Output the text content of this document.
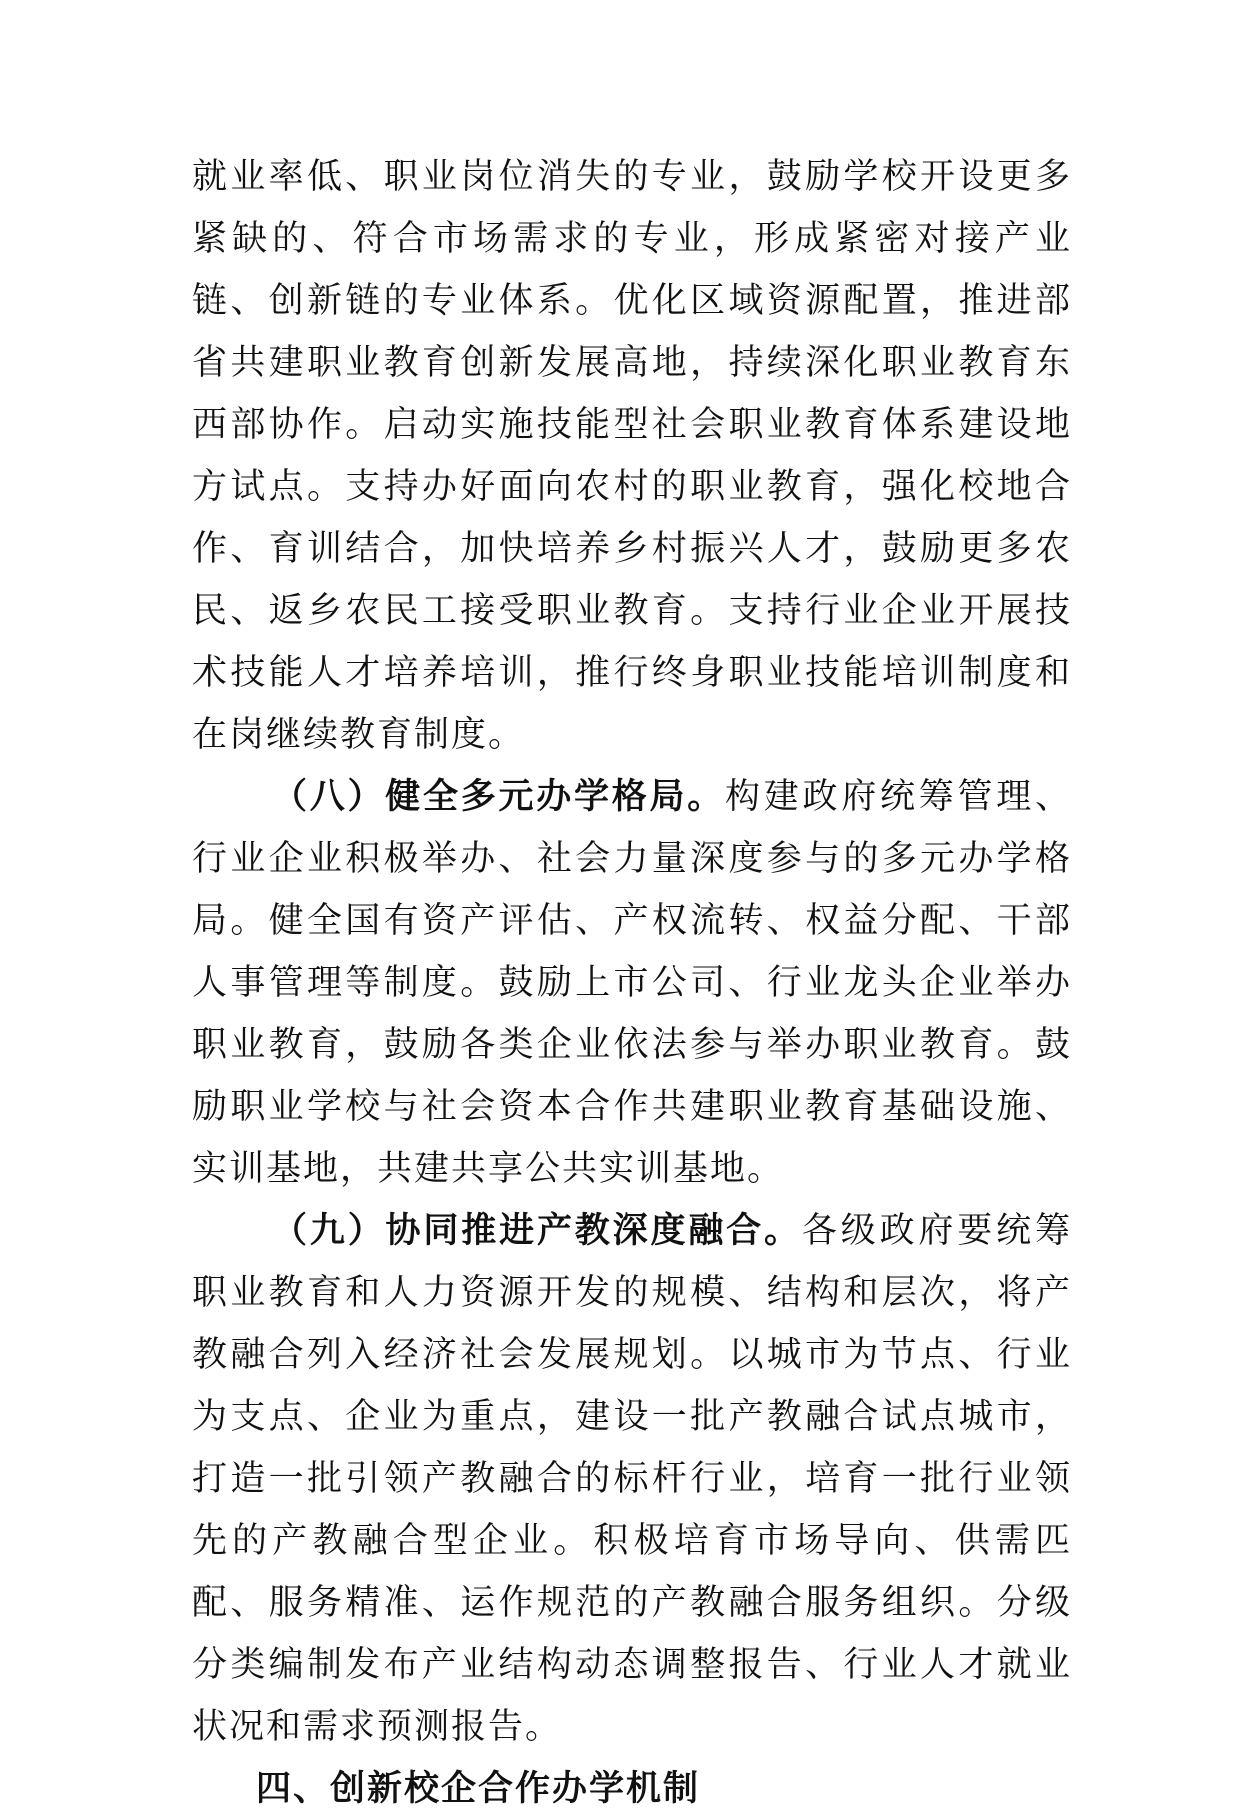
就业率低、职业岗位消失的专业，鼓励学校开设更多紧缺的、符合市场需求的专业，形成紧密对接产业链、创新链的专业体系。优化区域资源配置，推进部省共建职业教育创新发展高地，持续深化职业教育东西部协作。启动实施技能型社会职业教育体系建设地方试点。支持办好面向农村的职业教育，强化校地合作、育训结合，加快培养乡村振兴人才，鼓励更多农民、返乡农民工接受职业教育。支持行业企业开展技术技能人才培养培训，推行终身职业技能培训制度和在岗继续教育制度。

（八）健全多元办学格局。构建政府统筹管理、行业企业积极举办、社会力量深度参与的多元办学格局。健全国有资产评估、产权流转、权益分配、干部人事管理等制度。鼓励上市公司、行业龙头企业举办职业教育，鼓励各类企业依法参与举办职业教育。鼓励职业学校与社会资本合作共建职业教育基础设施、实训基地，共建共享公共实训基地。

（九）协同推进产教深度融合。各级政府要统筹职业教育和人力资源开发的规模、结构和层次，将产教融合列入经济社会发展规划。以城市为节点、行业为支点、企业为重点，建设一批产教融合试点城市，打造一批引领产教融合的标杆行业，培育一批行业领先的产教融合型企业。积极培育市场导向、供需匹配、服务精准、运作规范的产教融合服务组织。分级分类编制发布产业结构动态调整报告、行业人才就业状况和需求预测报告。

四、创新校企合作办学机制
